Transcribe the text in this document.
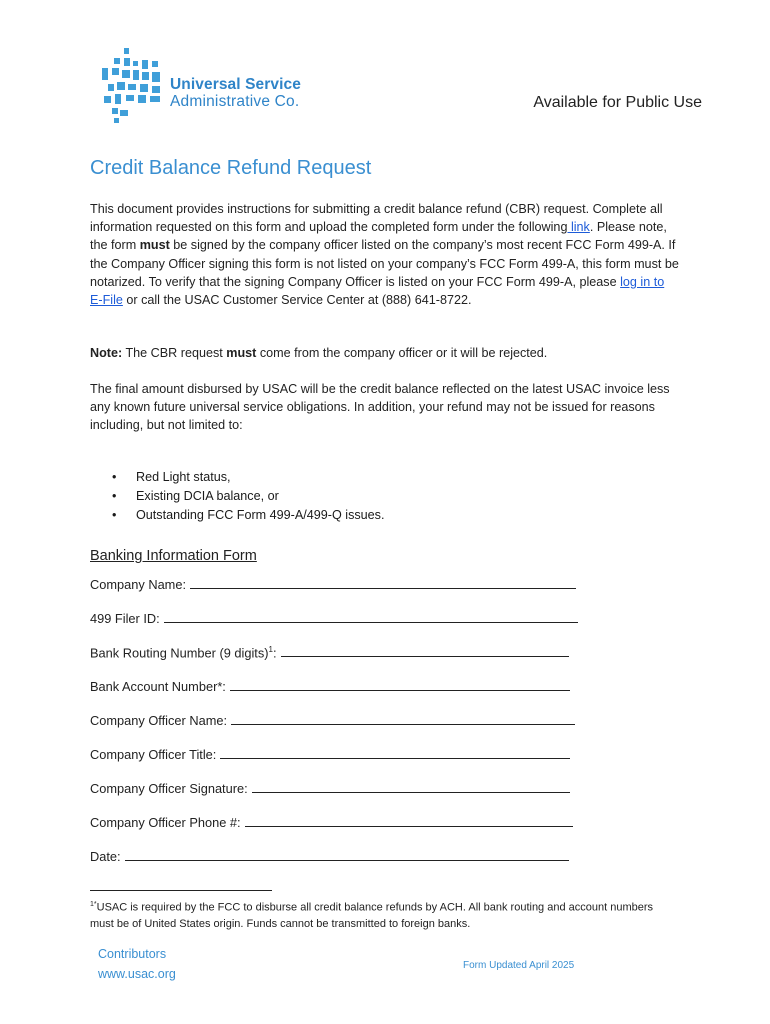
Universal Service
Administrative Co.	Available for Public Use
Credit Balance Refund Request

This document provides instructions for submitting a credit balance refund (CBR) request. Complete all information requested on this form and upload the completed form under the following link. Please note, the form must be signed by the company officer listed on the company’s most recent FCC Form 499-A. If the Company Officer signing this form is not listed on your company’s FCC Form 499-A, this form must be notarized. To verify that the signing Company Officer is listed on your FCC Form 499-A, please log in to E-File or call the USAC Customer Service Center at (888) 641-8722.

Note: The CBR request must come from the company officer or it will be rejected.

The final amount disbursed by USAC will be the credit balance reflected on the latest USAC invoice less any known future universal service obligations. In addition, your refund may not be issued for reasons including, but not limited to:

• Red Light status,
• Existing DCIA balance, or
• Outstanding FCC Form 499-A/499-Q issues.
Banking Information Form
Company Name:
499 Filer ID:
Bank Routing Number (9 digits)$^1$:
Bank Account Number*:
Company Officer Name:
Company Officer Title:
Company Officer Signature:
Company Officer Phone #:
Date:

$^{1*}$USAC is required by the FCC to disburse all credit balance refunds by ACH. All bank routing and account numbers must be of United States origin. Funds cannot be transmitted to foreign banks.

Contributors
www.usac.org
Form Updated April 2025
